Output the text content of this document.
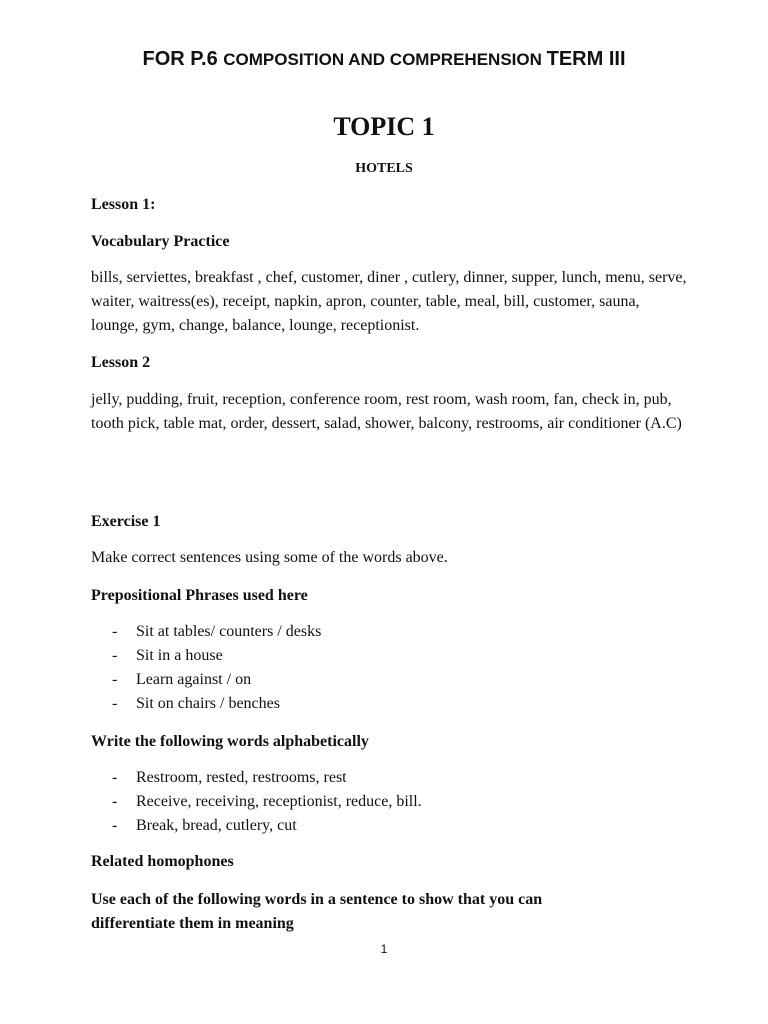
FOR P.6 COMPOSITION AND COMPREHENSION TERM III
TOPIC 1
HOTELS
Lesson 1:
Vocabulary Practice
bills, serviettes, breakfast , chef, customer, diner , cutlery, dinner, supper, lunch, menu, serve, waiter, waitress(es), receipt, napkin, apron, counter, table, meal, bill, customer, sauna, lounge, gym, change, balance, lounge, receptionist.
Lesson 2
jelly, pudding, fruit, reception, conference room, rest room, wash room, fan, check in, pub, tooth pick, table mat, order, dessert, salad, shower, balcony, restrooms, air conditioner (A.C)
Exercise 1
Make correct sentences using some of the words above.
Prepositional Phrases used here
- Sit at tables/ counters / desks
- Sit in a house
- Learn against / on
- Sit on chairs / benches
Write the following words alphabetically
- Restroom, rested, restrooms, rest
- Receive, receiving, receptionist, reduce, bill.
- Break, bread, cutlery, cut
Related homophones
Use each of the following words in a sentence to show that you can differentiate them in meaning
1
